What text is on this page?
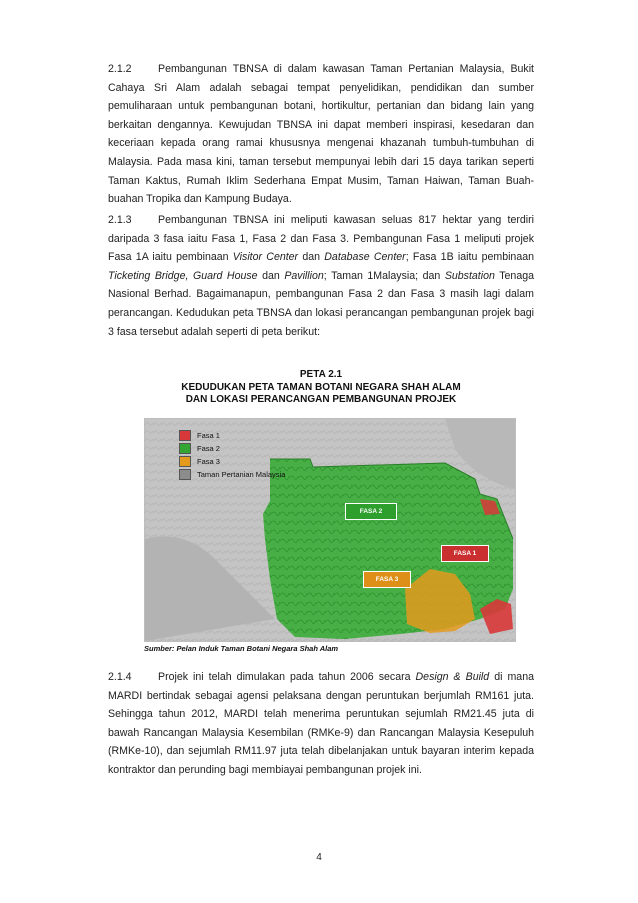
2.1.2 Pembangunan TBNSA di dalam kawasan Taman Pertanian Malaysia, Bukit Cahaya Sri Alam adalah sebagai tempat penyelidikan, pendidikan dan sumber pemuliharaan untuk pembangunan botani, hortikultur, pertanian dan bidang lain yang berkaitan dengannya. Kewujudan TBNSA ini dapat memberi inspirasi, kesedaran dan keceriaan kepada orang ramai khususnya mengenai khazanah tumbuh-tumbuhan di Malaysia. Pada masa kini, taman tersebut mempunyai lebih dari 15 daya tarikan seperti Taman Kaktus, Rumah Iklim Sederhana Empat Musim, Taman Haiwan, Taman Buah-buahan Tropika dan Kampung Budaya.

2.1.3 Pembangunan TBNSA ini meliputi kawasan seluas 817 hektar yang terdiri daripada 3 fasa iaitu Fasa 1, Fasa 2 dan Fasa 3. Pembangunan Fasa 1 meliputi projek Fasa 1A iaitu pembinaan Visitor Center dan Database Center; Fasa 1B iaitu pembinaan Ticketing Bridge, Guard House dan Pavillion; Taman 1Malaysia; dan Substation Tenaga Nasional Berhad. Bagaimanapun, pembangunan Fasa 2 dan Fasa 3 masih lagi dalam perancangan. Kedudukan peta TBNSA dan lokasi perancangan pembangunan projek bagi 3 fasa tersebut adalah seperti di peta berikut:

PETA 2.1
KEDUDUKAN PETA TAMAN BOTANI NEGARA SHAH ALAM
DAN LOKASI PERANCANGAN PEMBANGUNAN PROJEK
Fasa 1
Fasa 2
Fasa 3
Taman Pertanian Malaysia
FASA 2
FASA 1
FASA 3
Sumber: Pelan Induk Taman Botani Negara Shah Alam

2.1.4 Projek ini telah dimulakan pada tahun 2006 secara Design & Build di mana MARDI bertindak sebagai agensi pelaksana dengan peruntukan berjumlah RM161 juta. Sehingga tahun 2012, MARDI telah menerima peruntukan sejumlah RM21.45 juta di bawah Rancangan Malaysia Kesembilan (RMKe-9) dan Rancangan Malaysia Kesepuluh (RMKe-10), dan sejumlah RM11.97 juta telah dibelanjakan untuk bayaran interim kepada kontraktor dan perunding bagi membiayai pembangunan projek ini.

4
